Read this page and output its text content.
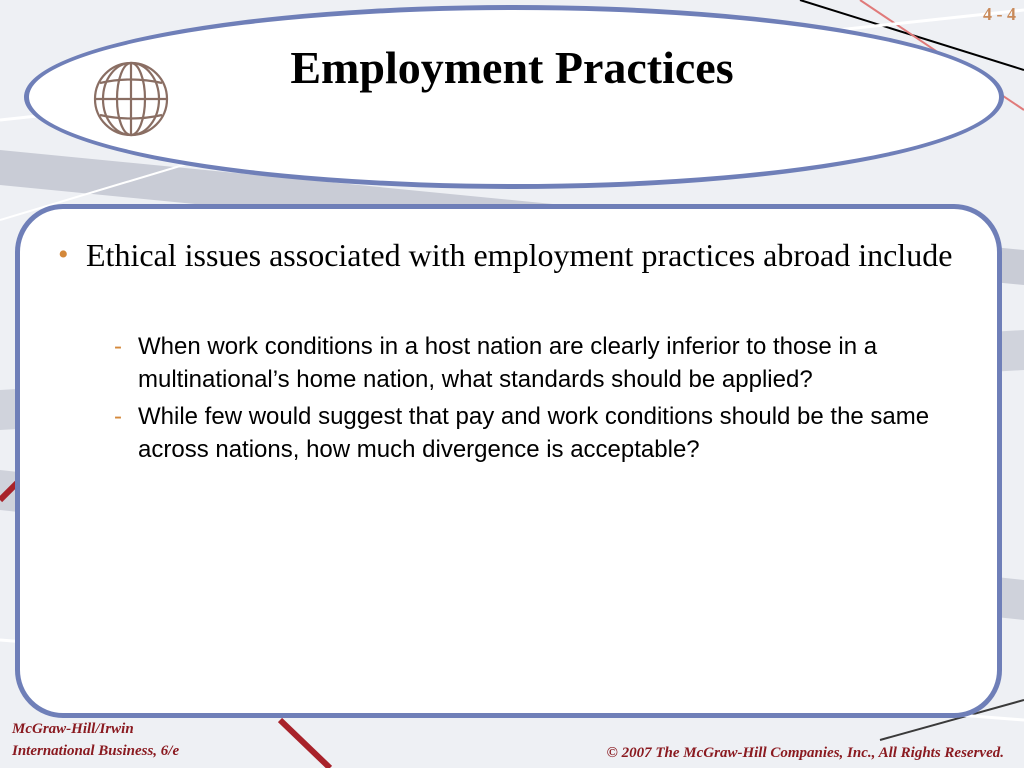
4 - 4
Employment Practices
• Ethical issues associated with employment practices abroad include
- When work conditions in a host nation are clearly inferior to those in a multinational’s home nation, what standards should be applied?
- While few would suggest that pay and work conditions should be the same across nations, how much divergence is acceptable?
McGraw-Hill/Irwin
International Business, 6/e	© 2007 The McGraw-Hill Companies, Inc., All Rights Reserved.
